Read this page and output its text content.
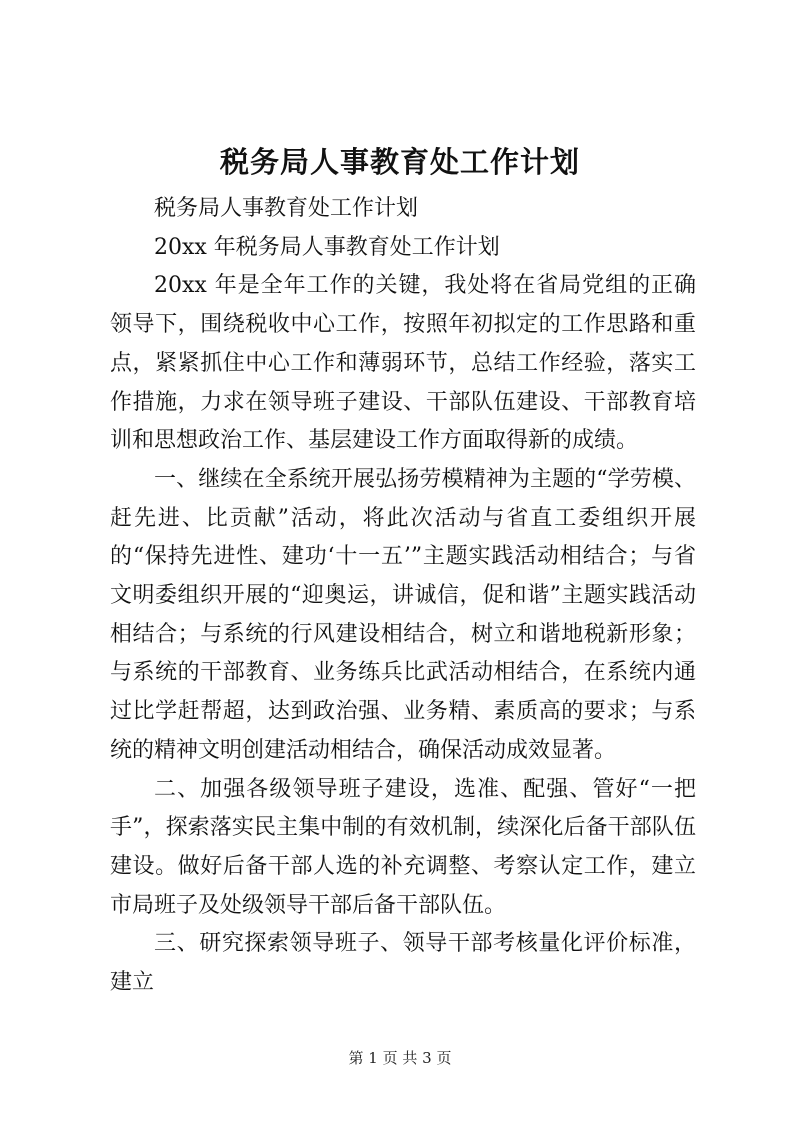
税务局人事教育处工作计划

税务局人事教育处工作计划

20xx 年税务局人事教育处工作计划

20xx 年是全年工作的关键，我处将在省局党组的正确领导下，围绕税收中心工作，按照年初拟定的工作思路和重点，紧紧抓住中心工作和薄弱环节，总结工作经验，落实工作措施，力求在领导班子建设、干部队伍建设、干部教育培训和思想政治工作、基层建设工作方面取得新的成绩。

一、继续在全系统开展弘扬劳模精神为主题的“学劳模、赶先进、比贡献”活动，将此次活动与省直工委组织开展的“保持先进性、建功‘十一五’”主题实践活动相结合；与省文明委组织开展的“迎奥运，讲诚信，促和谐”主题实践活动相结合；与系统的行风建设相结合，树立和谐地税新形象；与系统的干部教育、业务练兵比武活动相结合，在系统内通过比学赶帮超，达到政治强、业务精、素质高的要求；与系统的精神文明创建活动相结合，确保活动成效显著。

二、加强各级领导班子建设，选准、配强、管好“一把手”，探索落实民主集中制的有效机制，续深化后备干部队伍建设。做好后备干部人选的补充调整、考察认定工作，建立市局班子及处级领导干部后备干部队伍。

三、研究探索领导班子、领导干部考核量化评价标准，建立

第 1 页 共 3 页
